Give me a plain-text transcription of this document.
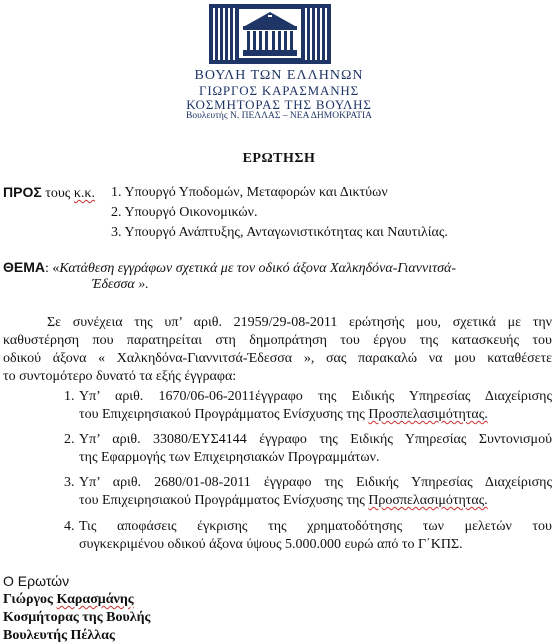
ΒΟΥΛΗ ΤΩΝ ΕΛΛΗΝΩΝ
ΓΙΩΡΓΟΣ ΚΑΡΑΣΜΑΝΗΣ
ΚΟΣΜΗΤΟΡΑΣ ΤΗΣ ΒΟΥΛΗΣ
Βουλευτής Ν. ΠΕΛΛΑΣ – ΝΕΑ ΔΗΜΟΚΡΑΤΙΑ
ΕΡΩΤΗΣΗ
ΠΡΟΣ τους κ.κ. 1. Υπουργό Υποδομών, Μεταφορών και Δικτύων
2. Υπουργό Οικονομικών.
3. Υπουργό Ανάπτυξης, Ανταγωνιστικότητας και Ναυτιλίας.
ΘΕΜΑ: «Κατάθεση εγγράφων σχετικά με τον οδικό άξονα Χαλκηδόνα-Γιαννιτσά-
Έδεσσα ».
Σε συνέχεια της υπ’ αριθ. 21959/29-08-2011 ερώτησής μου, σχετικά με την
καθυστέρηση που παρατηρείται στη δημοπράτηση του έργου της κατασκευής του
οδικού άξονα « Χαλκηδόνα-Γιαννιτσά-Έδεσσα », σας παρακαλώ να μου καταθέσετε
το συντομότερο δυνατό τα εξής έγγραφα:
1. Υπ’ αριθ. 1670/06-06-2011έγγραφο της Ειδικής Υπηρεσίας Διαχείρισης
του Επιχειρησιακού Προγράμματος Ενίσχυσης της Προσπελασιμότητας.
2. Υπ’ αριθ. 33080/ΕΥΣ4144 έγγραφο της Ειδικής Υπηρεσίας Συντονισμού
της Εφαρμογής των Επιχειρησιακών Προγραμμάτων.
3. Υπ’ αριθ. 2680/01-08-2011 έγγραφο της Ειδικής Υπηρεσίας Διαχείρισης
του Επιχειρησιακού Προγράμματος Ενίσχυσης της Προσπελασιμότητας.
4. Τις αποφάσεις έγκρισης της χρηματοδότησης των μελετών του
συγκεκριμένου οδικού άξονα ύψους 5.000.000 ευρώ από το Γ΄ΚΠΣ.
Ο Ερωτών
Γιώργος Καρασμάνης
Κοσμήτορας της Βουλής
Βουλευτής Πέλλας
